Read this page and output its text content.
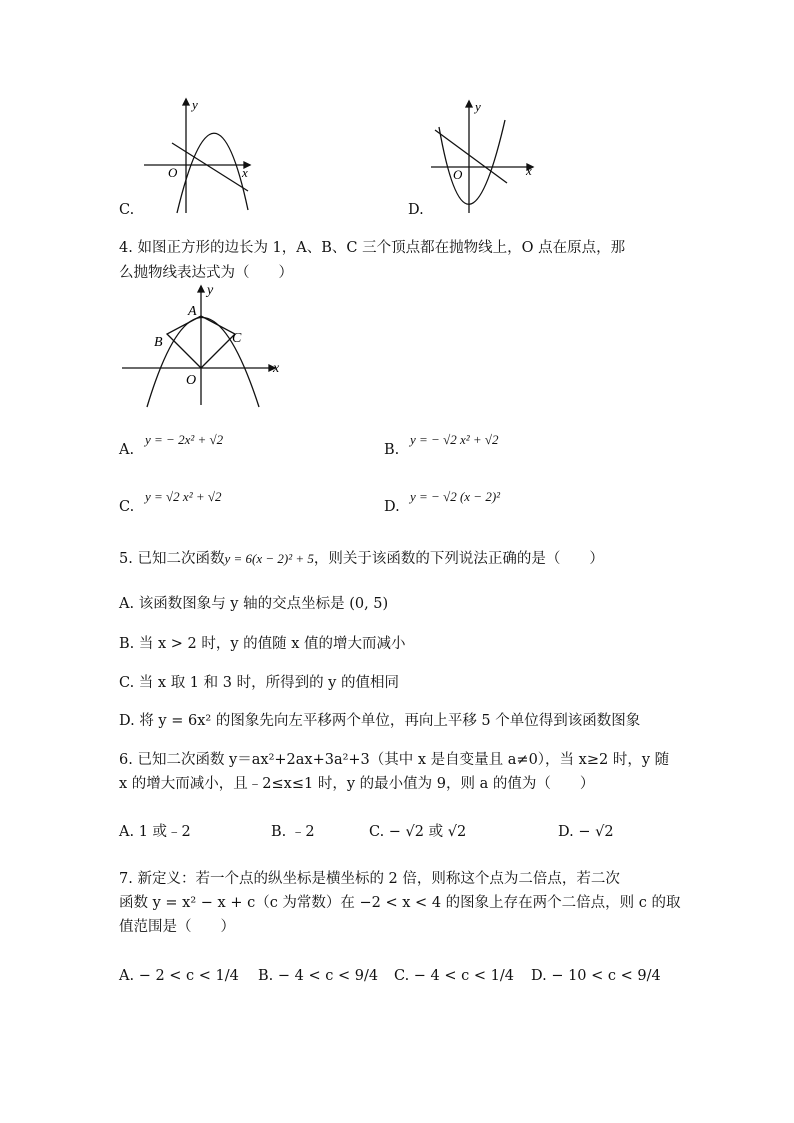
x
y
O
C.
x
y
O
D.
4. 如图正方形的边长为 1，A、B、C 三个顶点都在抛物线上，O 点在原点，那
么抛物线表达式为（　　）
A
B	C
O
x
y
A.
y = − 2x² + √2
B.
y = − √2 x² + √2
C.
y = √2 x² + √2
D.
y = − √2 (x − 2)²
5. 已知二次函数y = 6(x − 2)² + 5，则关于该函数的下列说法正确的是（　　）
A. 该函数图象与 y 轴的交点坐标是 (0, 5)
B. 当 x > 2 时，y 的值随 x 值的增大而减小
C. 当 x 取 1 和 3 时，所得到的 y 的值相同
D. 将 y = 6x² 的图象先向左平移两个单位，再向上平移 5 个单位得到该函数图象
6. 已知二次函数 y＝ax²+2ax+3a²+3（其中 x 是自变量且 a≠0），当 x≥2 时，y 随
x 的增大而减小，且﹣2≤x≤1 时，y 的最小值为 9，则 a 的值为（　　）
A. 1 或﹣2	B. ﹣2	C. − √2 或 √2	D. − √2
7. 新定义：若一个点的纵坐标是横坐标的 2 倍，则称这个点为二倍点，若二次
函数 y = x² − x + c（c 为常数）在 −2 < x < 4 的图象上存在两个二倍点，则 c 的取
值范围是（　　）
A. − 2 < c < 1/4 B. − 4 < c < 9/4 C. − 4 < c < 1/4 D. − 10 < c < 9/4
